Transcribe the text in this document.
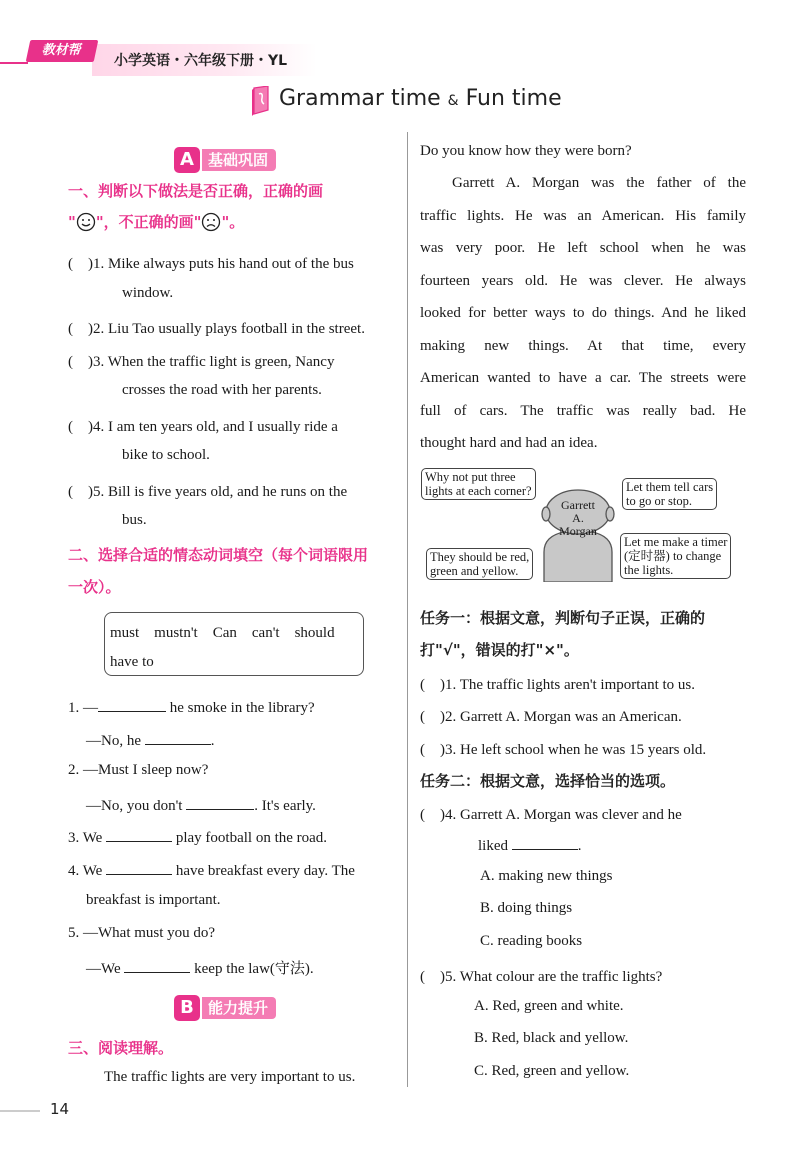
教材帮
小学英语・六年级下册・YL
Grammar time & Fun time
A 基础巩固
一、判断以下做法是否正确，正确的画
" "，不正确的画" "。
(　)1. Mike always puts his hand out of the bus
window.
(　)2. Liu Tao usually plays football in the street.
(　)3. When the traffic light is green, Nancy
crosses the road with her parents.
(　)4. I am ten years old, and I usually ride a
bike to school.
(　)5. Bill is five years old, and he runs on the
bus.
二、选择合适的情态动词填空（每个词语限用
一次）。
must　mustn't　Can　can't　should
have to
1. —	he smoke in the library?
—No, he	.
2. —Must I sleep now?
—No, you don't	. It's early.
3. We	play football on the road.
4. We	have breakfast every day. The
breakfast is important.
5. —What must you do?
—We	keep the law(守法).
B 能力提升
三、阅读理解。
The traffic lights are very important to us.
Do you know how they were born?
Garrett A. Morgan was the father of the
traffic lights. He was an American. His family
was very poor. He left school when he was
fourteen years old. He was clever. He always
looked for better ways to do things. And he liked
making new things. At that time, every
American wanted to have a car. The streets were
full of cars. The traffic was really bad. He
thought hard and had an idea.
Garrett A.
Morgan
Why not put three
lights at each corner?
They should be red,
green and yellow.
Let them tell cars
to go or stop.
Let me make a timer
(定时器) to change
the lights.
任务一：根据文意，判断句子正误，正确的
打"√"，错误的打"×"。
(　)1. The traffic lights aren't important to us.
(　)2. Garrett A. Morgan was an American.
(　)3. He left school when he was 15 years old.
任务二：根据文意，选择恰当的选项。
(　)4. Garrett A. Morgan was clever and he
liked	.
A. making new things
B. doing things
C. reading books
(　)5. What colour are the traffic lights?
A. Red, green and white.
B. Red, black and yellow.
C. Red, green and yellow.
14
